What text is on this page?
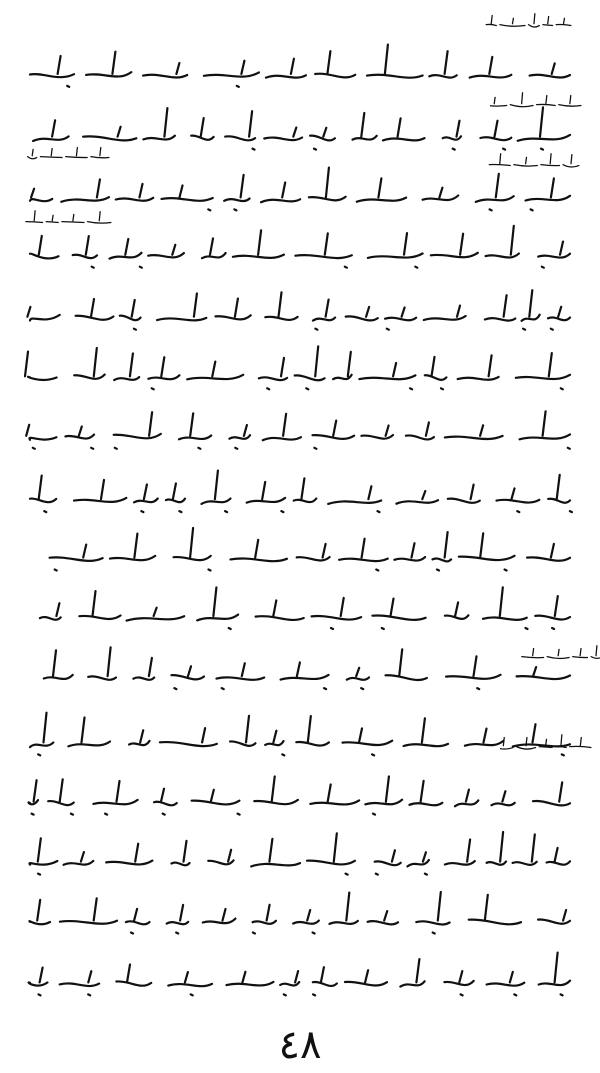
٤٨
